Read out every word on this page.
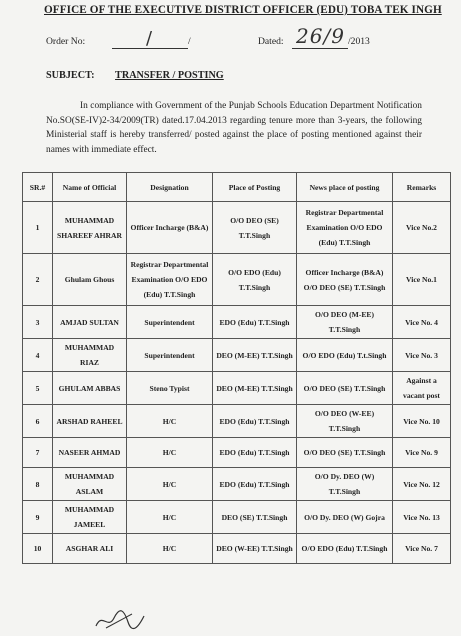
OFFICE OF THE EXECUTIVE DISTRICT OFFICER (EDU) TOBA TEK INGH
Order No:	/	/	Dated: 26/9 /2013
SUBJECT: TRANSFER / POSTING
In compliance with Government of the Punjab Schools Education Department Notification No.SO(SE-IV)2-34/2009(TR) dated.17.04.2013 regarding tenure more than 3-years, the following Ministerial staff is hereby transferred/ posted against the place of posting mentioned against their names with immediate effect.
SR.#	Name of Official	Designation	Place of Posting	News place of posting	Remarks
1	MUHAMMAD SHAREEF AHRAR	Officer Incharge (B&A)	O/O DEO (SE) T.T.Singh	Registrar Departmental Examination O/O EDO (Edu) T.T.Singh	Vice No.2
2	Ghulam Ghous	Registrar Departmental Examination O/O EDO (Edu) T.T.Singh	O/O EDO (Edu) T.T.Singh	Officer Incharge (B&A) O/O DEO (SE) T.T.Singh	Vice No.1
3	AMJAD SULTAN	Superintendent	EDO (Edu) T.T.Singh	O/O DEO (M-EE) T.T.Singh	Vice No. 4
4	MUHAMMAD RIAZ	Superintendent	DEO (M-EE) T.T.Singh	O/O EDO (Edu) T.t.Singh	Vice No. 3
5	GHULAM ABBAS	Steno Typist	DEO (M-EE) T.T.Singh	O/O DEO (SE) T.T.Singh	Against a vacant post
6	ARSHAD RAHEEL	H/C	EDO (Edu) T.T.Singh	O/O DEO (W-EE) T.T.Singh	Vice No. 10
7	NASEER AHMAD	H/C	EDO (Edu) T.T.Singh	O/O DEO (SE) T.T.Singh	Vice No. 9
8	MUHAMMAD ASLAM	H/C	EDO (Edu) T.T.Singh	O/O Dy. DEO (W) T.T.Singh	Vice No. 12
9	MUHAMMAD JAMEEL	H/C	DEO (SE) T.T.Singh	O/O Dy. DEO (W) Gojra	Vice No. 13
10	ASGHAR ALI	H/C	DEO (W-EE) T.T.Singh	O/O EDO (Edu) T.T.Singh	Vice No. 7
